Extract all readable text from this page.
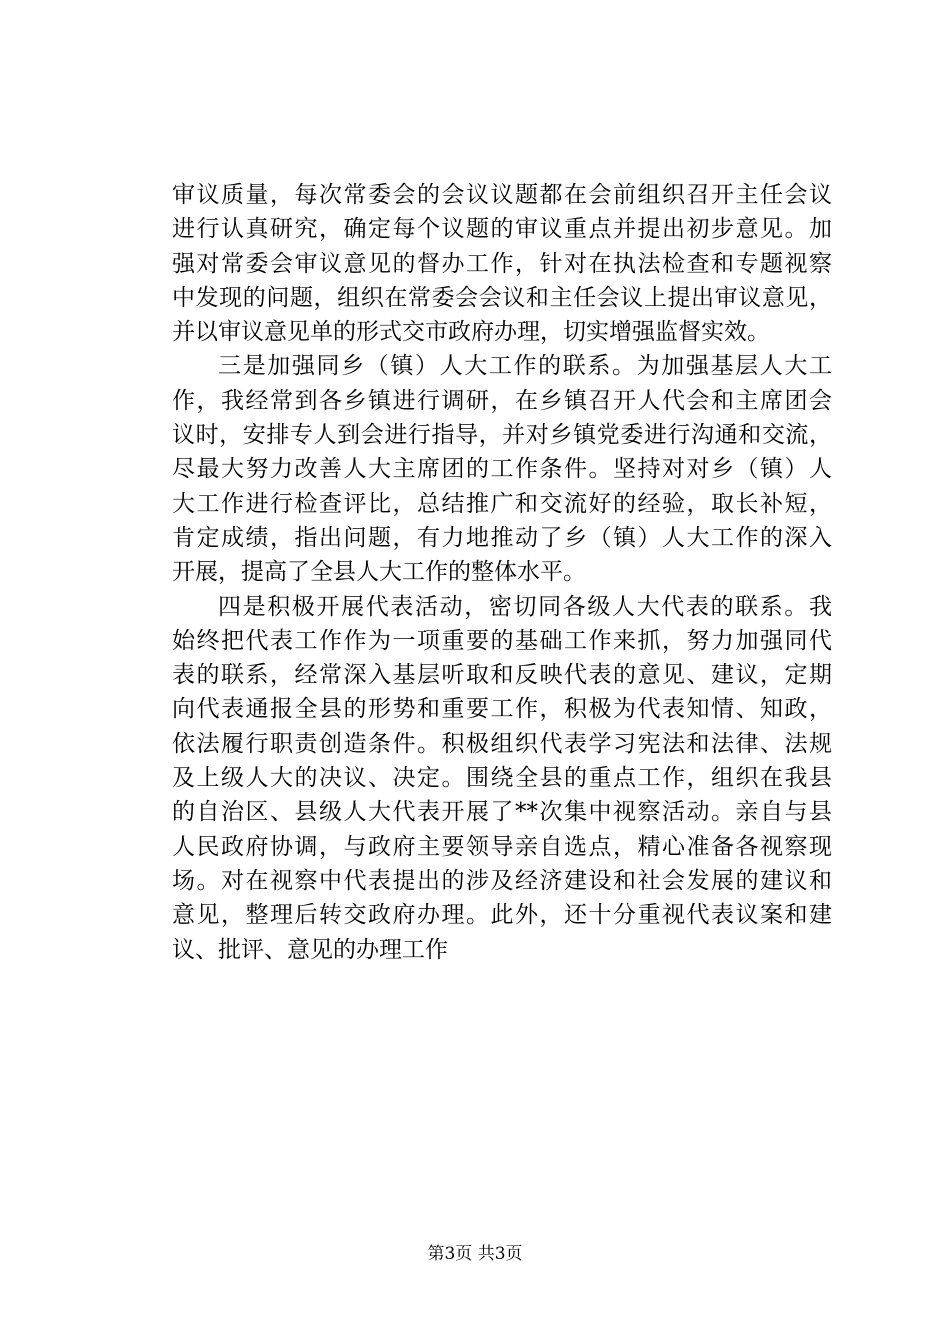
审议质量，每次常委会的会议议题都在会前组织召开主任会议
进行认真研究，确定每个议题的审议重点并提出初步意见。加
强对常委会审议意见的督办工作，针对在执法检查和专题视察
中发现的问题，组织在常委会会议和主任会议上提出审议意见，
并以审议意见单的形式交市政府办理，切实增强监督实效。
三是加强同乡（镇）人大工作的联系。为加强基层人大工
作，我经常到各乡镇进行调研，在乡镇召开人代会和主席团会
议时，安排专人到会进行指导，并对乡镇党委进行沟通和交流，
尽最大努力改善人大主席团的工作条件。坚持对对乡（镇）人
大工作进行检查评比，总结推广和交流好的经验，取长补短，
肯定成绩，指出问题，有力地推动了乡（镇）人大工作的深入
开展，提高了全县人大工作的整体水平。
四是积极开展代表活动，密切同各级人大代表的联系。我
始终把代表工作作为一项重要的基础工作来抓，努力加强同代
表的联系，经常深入基层听取和反映代表的意见、建议，定期
向代表通报全县的形势和重要工作，积极为代表知情、知政，
依法履行职责创造条件。积极组织代表学习宪法和法律、法规
及上级人大的决议、决定。围绕全县的重点工作，组织在我县
的自治区、县级人大代表开展了**次集中视察活动。亲自与县
人民政府协调，与政府主要领导亲自选点，精心准备各视察现
场。对在视察中代表提出的涉及经济建设和社会发展的建议和
意见，整理后转交政府办理。此外，还十分重视代表议案和建
议、批评、意见的办理工作
第3页 共3页
